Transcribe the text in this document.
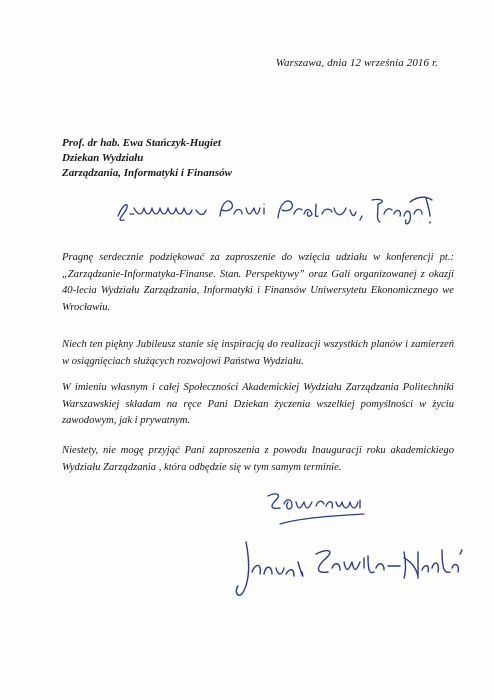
Warszawa, dnia 12 września 2016 r.
Prof. dr hab. Ewa Stańczyk-Hugiet
Dziekan Wydziału
Zarządzania, Informatyki i Finansów
Pragnę serdecznie podziękować za zaproszenie do wzięcia udziału w konferencji pt.: „Zarządzanie-Informatyka-Finanse. Stan. Perspektywy” oraz Gali organizowanej z okazji 40-lecia Wydziału Zarządzania, Informatyki i Finansów Uniwersytetu Ekonomicznego we Wrocławiu.
Niech ten piękny Jubileusz stanie się inspiracją do realizacji wszystkich planów i zamierzeń w osiągnięciach służących rozwojowi Państwa Wydziału.
W imieniu własnym i całej Społeczności Akademickiej Wydziału Zarządzania Politechniki Warszawskiej składam na ręce Pani Dziekan życzenia wszelkiej pomyślności w życiu zawodowym, jak i prywatnym.
Niestety, nie mogę przyjąć Pani zaproszenia z powodu Inauguracji roku akademickiego Wydziału Zarządzania , która odbędzie się w tym samym terminie.
